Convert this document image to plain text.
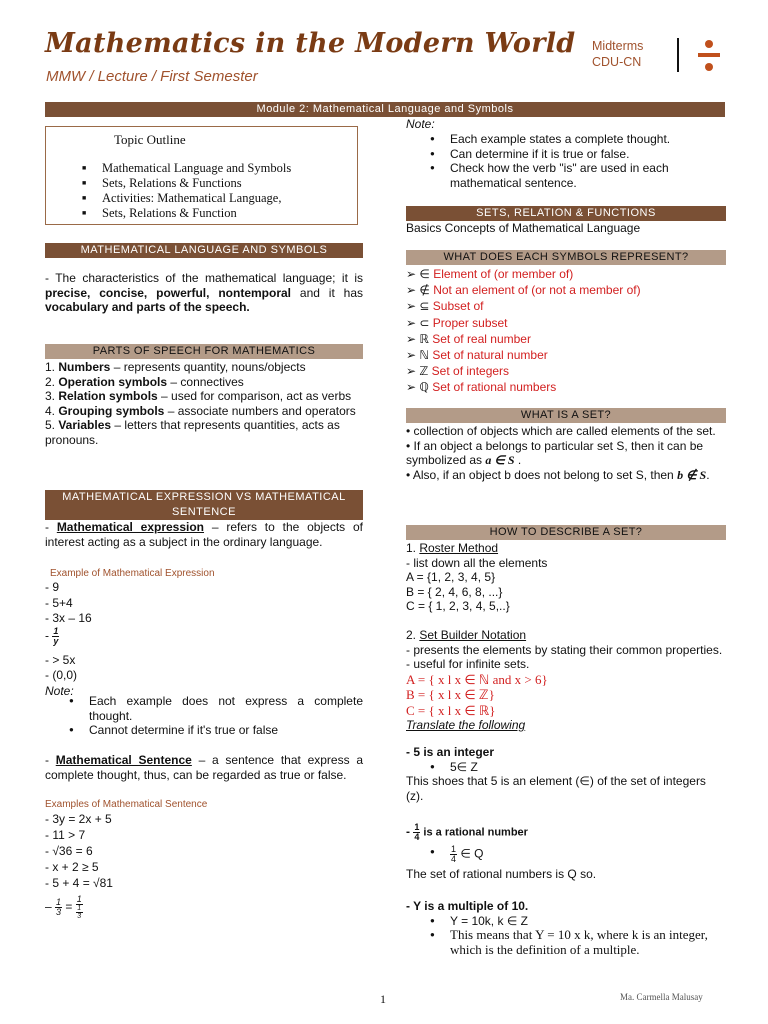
Mathematics in the Modern World
MMW / Lecture / First Semester
Midterms
CDU-CN
Module 2: Mathematical Language and Symbols
Topic Outline
■ Mathematical Language and Symbols
■ Sets, Relations & Functions
■ Activities: Mathematical Language,
■ Sets, Relations & Function
MATHEMATICAL LANGUAGE AND SYMBOLS
- The characteristics of the mathematical language; it is precise, concise, powerful, nontemporal and it has vocabulary and parts of the speech.
PARTS OF SPEECH FOR MATHEMATICS

1. Numbers – represents quantity, nouns/objects

2. Operation symbols – connectives

3. Relation symbols – used for comparison, act as verbs

4. Grouping symbols – associate numbers and operators

5. Variables – letters that represents quantities, acts as pronouns.

MATHEMATICAL EXPRESSION VS MATHEMATICAL SENTENCE
- Mathematical expression – refers to the objects of interest acting as a subject in the ordinary language.
Example of Mathematical Expression

- 9

- 5+4

- 3x – 16

- $\frac{1}{y}$

- > 5x

- (0,0)

Note:

● Each example does not express a complete thought.
● Cannot determine if it's true or false
- Mathematical Sentence – a sentence that express a complete thought, thus, can be regarded as true or false.
Examples of Mathematical Sentence

- 3y = 2x + 5

- 11 > 7

- √36 = 6

- x + 2 ≥ 5

- 5 + 4 = √81

– $\frac{1}{3} = 1$
1
3

Note:
● Each example states a complete thought.
● Can determine if it is true or false.
● Check how the verb "is" are used in each mathematical sentence.
SETS, RELATION & FUNCTIONS
Basics Concepts of Mathematical Language
WHAT DOES EACH SYMBOLS REPRESENT?

➢ ∈ Element of (or member of)

➢ ∉ Not an element of (or not a member of)

➢ ⊆ Subset of

➢ ⊂ Proper subset

➢ ℝ Set of real number

➢ ℕ Set of natural number

➢ ℤ Set of integers

➢ ℚ Set of rational numbers

WHAT IS A SET?

• collection of objects which are called elements of the set.

• If an object a belongs to particular set S, then it can be symbolized as a ∈ S .

• Also, if an object b does not belong to set S, then b ∉ S.

HOW TO DESCRIBE A SET?

1. Roster Method

- list down all the elements

A = {1, 2, 3, 4, 5}

B = { 2, 4, 6, 8, ...}

C = { 1, 2, 3, 4, 5,..}

2. Set Builder Notation

- presents the elements by stating their common properties.

- useful for infinite sets.

A = { x l x ∈ ℕ and x > 6}

B = { x l x ∈ ℤ}

C = { x l x ∈ ℝ}

Translate the following

- 5 is an integer

● 5∈ Z

This shoes that 5 is an element (∈) of the set of integers (z).

- $\frac{1}{4}$ is a rational number

● $\frac{1}{4}$ ∈ Q

The set of rational numbers is Q so.

- Y is a multiple of 10.

● Y = 10k, k ∈ Z
● This means that Y = 10 x k, where k is an integer, which is the definition of a multiple.
1	Ma. Carmella Malusay
